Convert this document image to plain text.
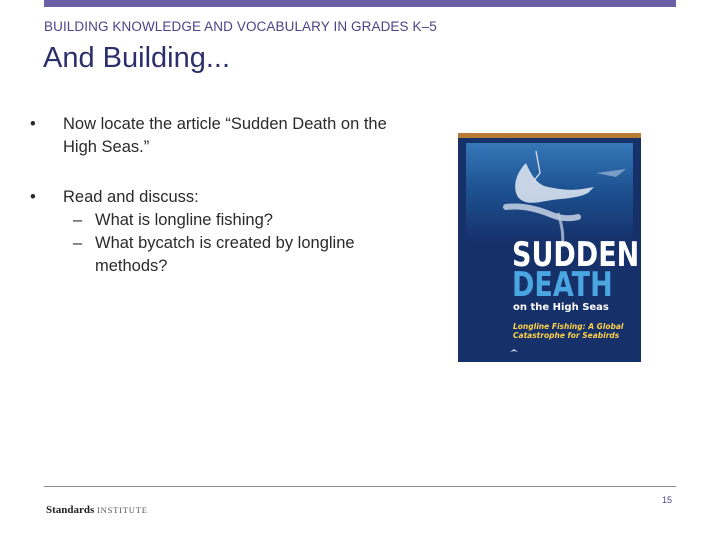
BUILDING KNOWLEDGE AND VOCABULARY IN GRADES K–5
And Building...
• Now locate the article “Sudden Death on the High Seas.”
• Read and discuss:
– What is longline fishing?
– What bycatch is created by longline methods?	SUDDEN
DEATH
on the High Seas
Longline Fishing: A Global Catastrophe for Seabirds
15
Standards INSTITUTE
